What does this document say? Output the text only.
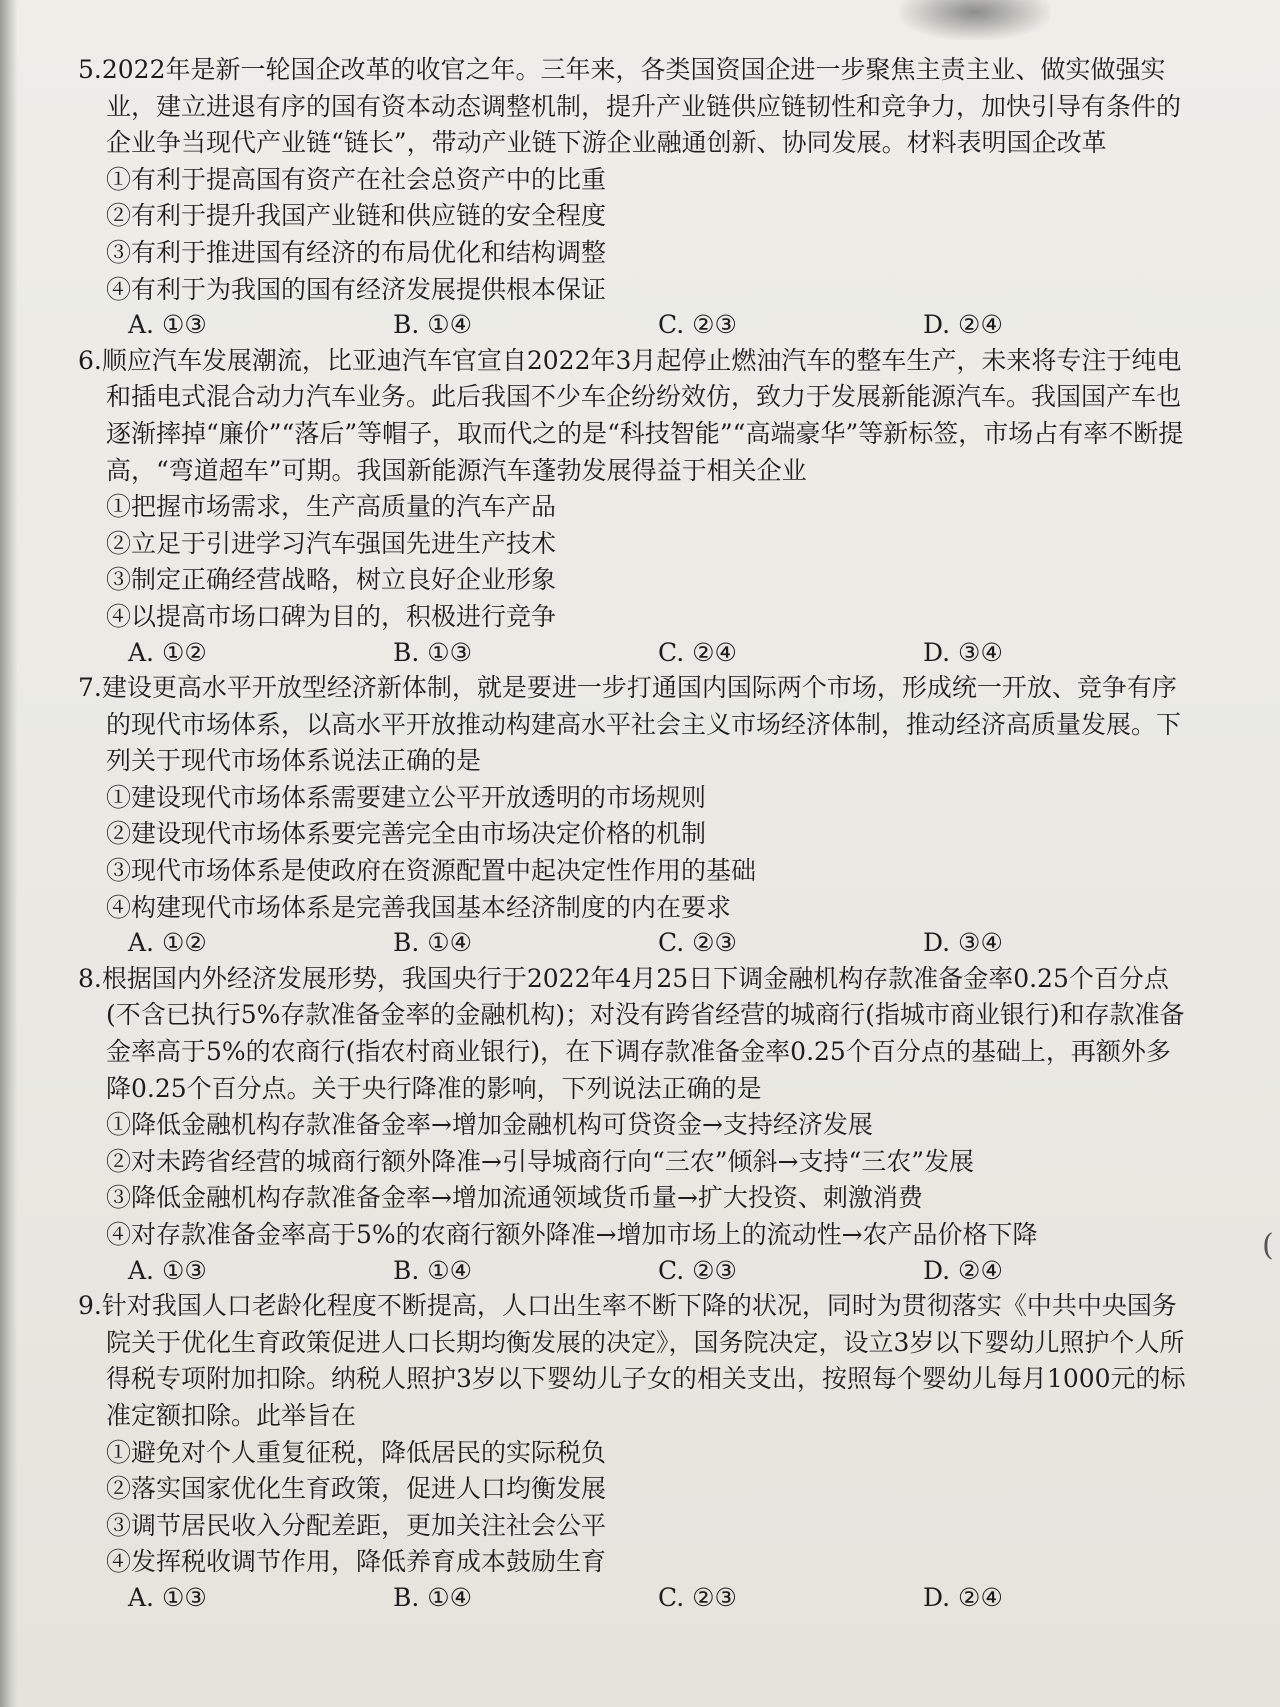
(
5.2022年是新一轮国企改革的收官之年。三年来，各类国资国企进一步聚焦主责主业、做实做强实业，建立进退有序的国有资本动态调整机制，提升产业链供应链韧性和竞争力，加快引导有条件的企业争当现代产业链“链长”，带动产业链下游企业融通创新、协同发展。材料表明国企改革
①有利于提高国有资产在社会总资产中的比重
②有利于提升我国产业链和供应链的安全程度
③有利于推进国有经济的布局优化和结构调整
④有利于为我国的国有经济发展提供根本保证
A. ①③	B. ①④	C. ②③	D. ②④
6.顺应汽车发展潮流，比亚迪汽车官宣自2022年3月起停止燃油汽车的整车生产，未来将专注于纯电和插电式混合动力汽车业务。此后我国不少车企纷纷效仿，致力于发展新能源汽车。我国国产车也逐渐摔掉“廉价”“落后”等帽子，取而代之的是“科技智能”“高端豪华”等新标签，市场占有率不断提高，“弯道超车”可期。我国新能源汽车蓬勃发展得益于相关企业
①把握市场需求，生产高质量的汽车产品
②立足于引进学习汽车强国先进生产技术
③制定正确经营战略，树立良好企业形象
④以提高市场口碑为目的，积极进行竞争
A. ①②	B. ①③	C. ②④	D. ③④
7.建设更高水平开放型经济新体制，就是要进一步打通国内国际两个市场，形成统一开放、竞争有序的现代市场体系，以高水平开放推动构建高水平社会主义市场经济体制，推动经济高质量发展。下列关于现代市场体系说法正确的是
①建设现代市场体系需要建立公平开放透明的市场规则
②建设现代市场体系要完善完全由市场决定价格的机制
③现代市场体系是使政府在资源配置中起决定性作用的基础
④构建现代市场体系是完善我国基本经济制度的内在要求
A. ①②	B. ①④	C. ②③	D. ③④
8.根据国内外经济发展形势，我国央行于2022年4月25日下调金融机构存款准备金率0.25个百分点(不含已执行5%存款准备金率的金融机构)；对没有跨省经营的城商行(指城市商业银行)和存款准备金率高于5%的农商行(指农村商业银行)，在下调存款准备金率0.25个百分点的基础上，再额外多降0.25个百分点。关于央行降准的影响，下列说法正确的是
①降低金融机构存款准备金率→增加金融机构可贷资金→支持经济发展
②对未跨省经营的城商行额外降准→引导城商行向“三农”倾斜→支持“三农”发展
③降低金融机构存款准备金率→增加流通领域货币量→扩大投资、刺激消费
④对存款准备金率高于5%的农商行额外降准→增加市场上的流动性→农产品价格下降
A. ①③	B. ①④	C. ②③	D. ②④
9.针对我国人口老龄化程度不断提高，人口出生率不断下降的状况，同时为贯彻落实《中共中央国务院关于优化生育政策促进人口长期均衡发展的决定》，国务院决定，设立3岁以下婴幼儿照护个人所得税专项附加扣除。纳税人照护3岁以下婴幼儿子女的相关支出，按照每个婴幼儿每月1000元的标准定额扣除。此举旨在
①避免对个人重复征税，降低居民的实际税负
②落实国家优化生育政策，促进人口均衡发展
③调节居民收入分配差距，更加关注社会公平
④发挥税收调节作用，降低养育成本鼓励生育
A. ①③	B. ①④	C. ②③	D. ②④
